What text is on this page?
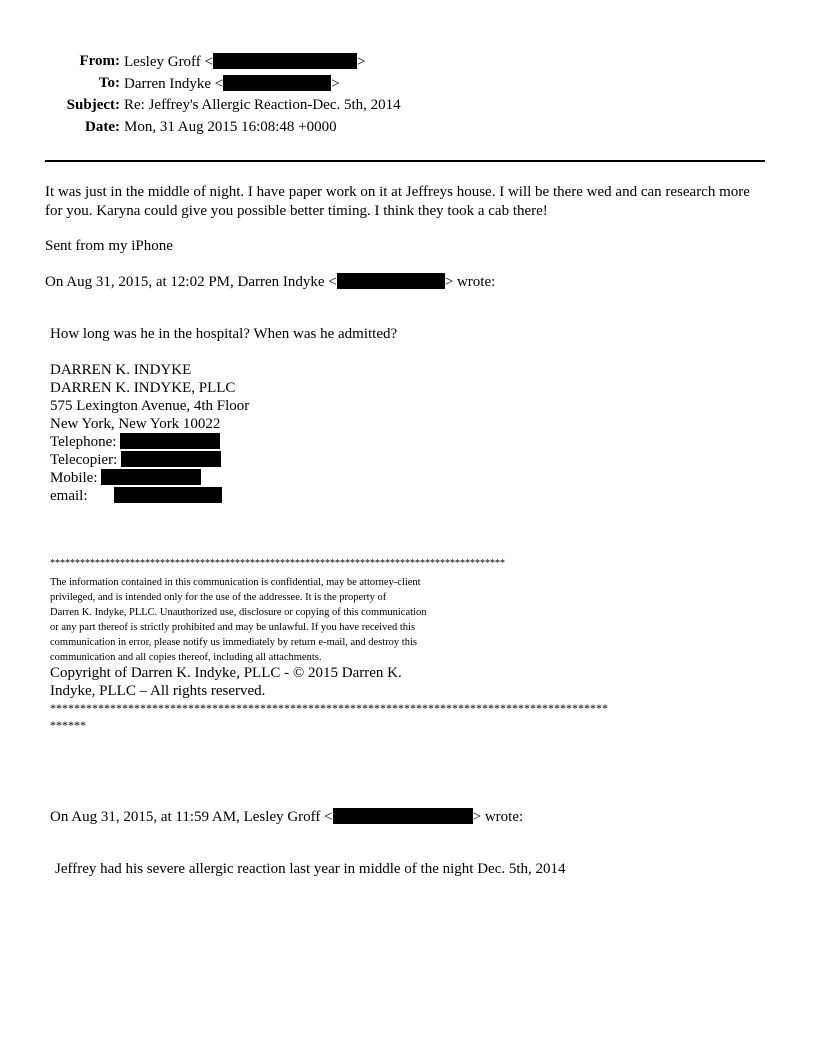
From: Lesley Groff <	>
To: Darren Indyke <	>
Subject: Re: Jeffrey's Allergic Reaction-Dec. 5th, 2014
Date: Mon, 31 Aug 2015 16:08:48 +0000
It was just in the middle of night. I have paper work on it at Jeffreys house. I will be there wed and can research more for you. Karyna could give you possible better timing. I think they took a cab there!
Sent from my iPhone
On Aug 31, 2015, at 12:02 PM, Darren Indyke <	> wrote:
How long was he in the hospital? When was he admitted?
DARREN K. INDYKE
DARREN K. INDYKE, PLLC
575 Lexington Avenue, 4th Floor
New York, New York 10022
Telephone:
Telecopier:
Mobile:
email:
*******************************************************************************************
The information contained in this communication is confidential, may be attorney-client
privileged, and is intended only for the use of the addressee. It is the property of
Darren K. Indyke, PLLC. Unauthorized use, disclosure or copying of this communication
or any part thereof is strictly prohibited and may be unlawful. If you have received this
communication in error, please notify us immediately by return e-mail, and destroy this
communication and all copies thereof, including all attachments.
Copyright of Darren K. Indyke, PLLC - © 2015 Darren K.
Indyke, PLLC – All rights reserved.
*********************************************************************************************
******
On Aug 31, 2015, at 11:59 AM, Lesley Groff <	> wrote:
Jeffrey had his severe allergic reaction last year in middle of the night Dec. 5th, 2014
